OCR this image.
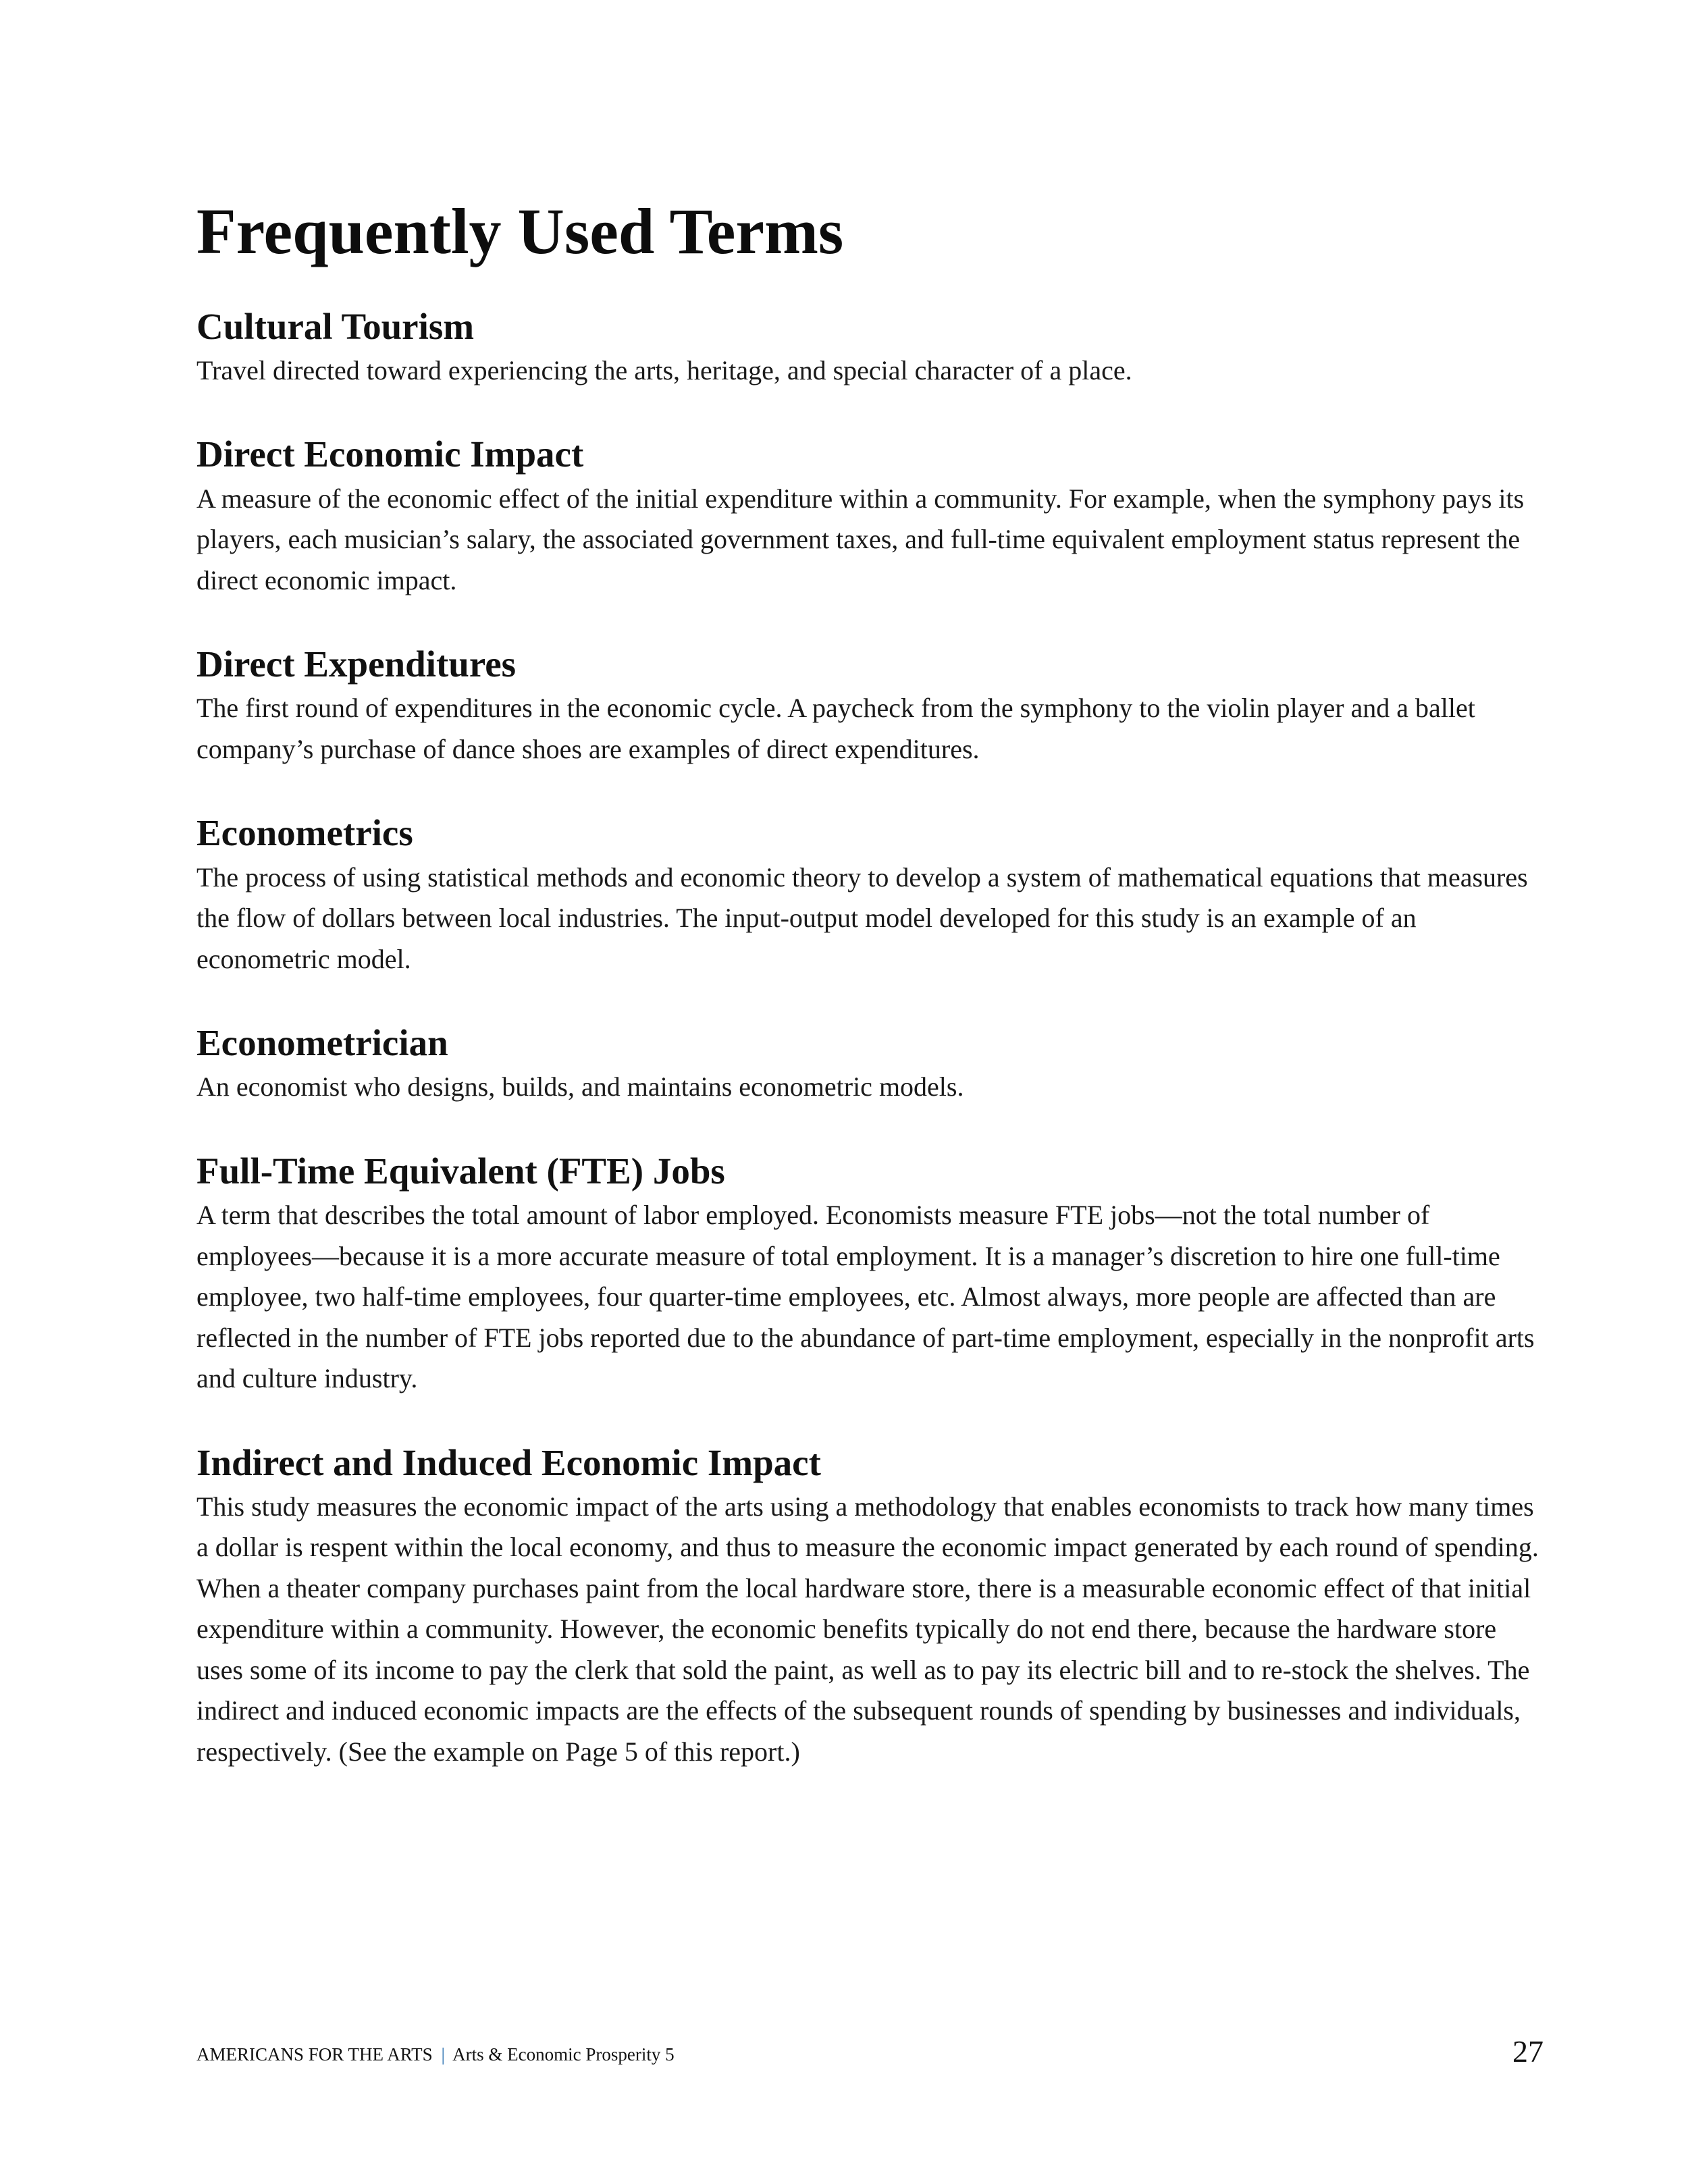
Frequently Used Terms
Cultural Tourism

Travel directed toward experiencing the arts, heritage, and special character of a place.

Direct Economic Impact

A measure of the economic effect of the initial expenditure within a community. For example, when the symphony pays its players, each musician’s salary, the associated government taxes, and full-time equivalent employment status represent the direct economic impact.

Direct Expenditures

The first round of expenditures in the economic cycle. A paycheck from the symphony to the violin player and a ballet company’s purchase of dance shoes are examples of direct expenditures.

Econometrics

The process of using statistical methods and economic theory to develop a system of mathematical equations that measures the flow of dollars between local industries. The input-output model developed for this study is an example of an econometric model.

Econometrician

An economist who designs, builds, and maintains econometric models.

Full-Time Equivalent (FTE) Jobs

A term that describes the total amount of labor employed. Economists measure FTE jobs—not the total number of employees—because it is a more accurate measure of total employment. It is a manager’s discretion to hire one full-time employee, two half-time employees, four quarter-time employees, etc. Almost always, more people are affected than are reflected in the number of FTE jobs reported due to the abundance of part-time employment, especially in the nonprofit arts and culture industry.

Indirect and Induced Economic Impact

This study measures the economic impact of the arts using a methodology that enables economists to track how many times a dollar is respent within the local economy, and thus to measure the economic impact generated by each round of spending. When a theater company purchases paint from the local hardware store, there is a measurable economic effect of that initial expenditure within a community. However, the economic benefits typically do not end there, because the hardware store uses some of its income to pay the clerk that sold the paint, as well as to pay its electric bill and to re-stock the shelves. The indirect and induced economic impacts are the effects of the subsequent rounds of spending by businesses and individuals, respectively. (See the example on Page 5 of this report.)

AMERICANS FOR THE ARTS | Arts & Economic Prosperity 5	27
